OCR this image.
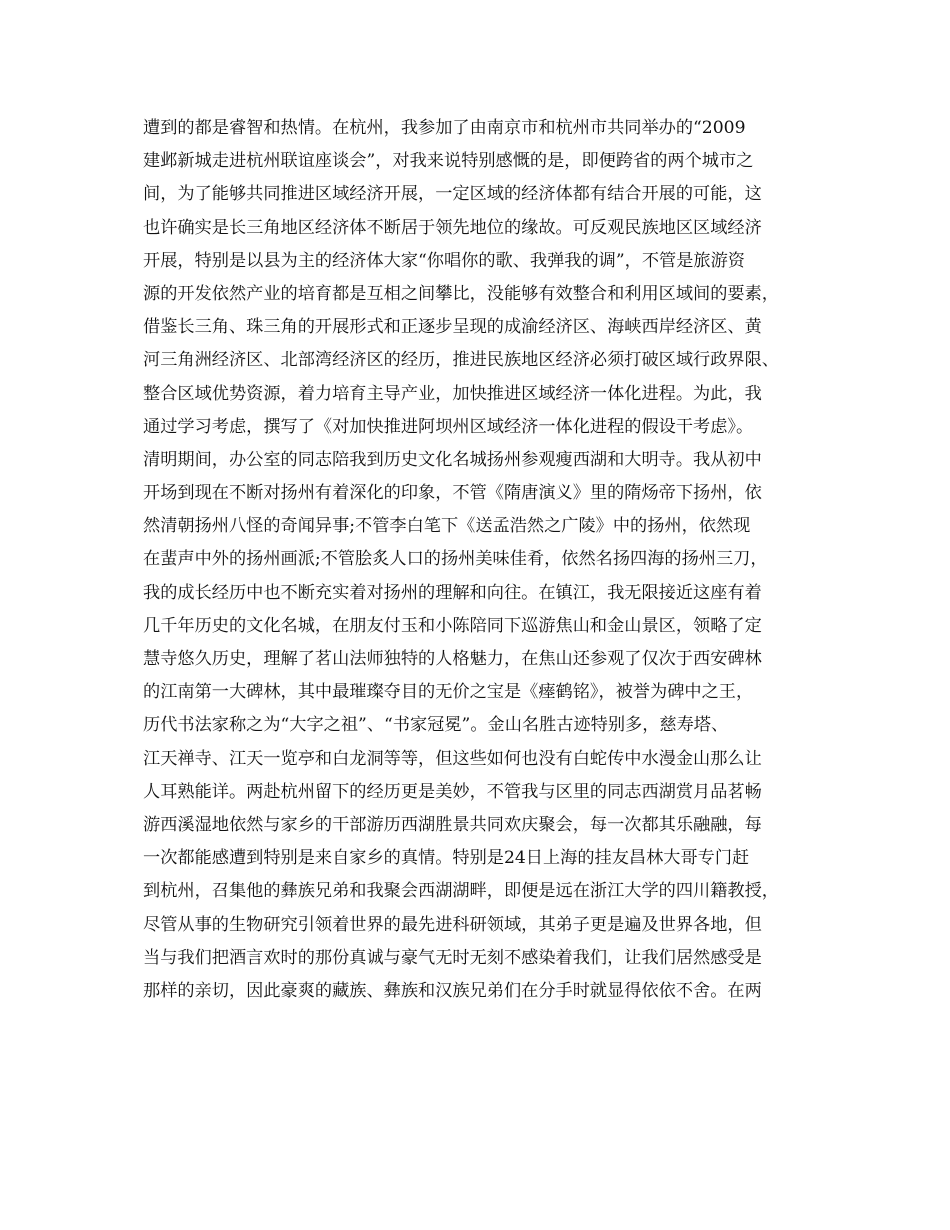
遭到的都是睿智和热情。在杭州，我参加了由南京市和杭州市共同举办的“2009
建邺新城走进杭州联谊座谈会”，对我来说特别感慨的是，即便跨省的两个城市之
间，为了能够共同推进区域经济开展，一定区域的经济体都有结合开展的可能，这
也许确实是长三角地区经济体不断居于领先地位的缘故。可反观民族地区区域经济
开展，特别是以县为主的经济体大家“你唱你的歌、我弹我的调”，不管是旅游资
源的开发依然产业的培育都是互相之间攀比，没能够有效整合和利用区域间的要素，
借鉴长三角、珠三角的开展形式和正逐步呈现的成渝经济区、海峡西岸经济区、黄
河三角洲经济区、北部湾经济区的经历，推进民族地区经济必须打破区域行政界限、
整合区域优势资源，着力培育主导产业，加快推进区域经济一体化进程。为此，我
通过学习考虑，撰写了《对加快推进阿坝州区域经济一体化进程的假设干考虑》。
清明期间，办公室的同志陪我到历史文化名城扬州参观瘦西湖和大明寺。我从初中
开场到现在不断对扬州有着深化的印象，不管《隋唐演义》里的隋炀帝下扬州，依
然清朝扬州八怪的奇闻异事;不管李白笔下《送孟浩然之广陵》中的扬州，依然现
在蜚声中外的扬州画派;不管脍炙人口的扬州美味佳肴，依然名扬四海的扬州三刀，
我的成长经历中也不断充实着对扬州的理解和向往。在镇江，我无限接近这座有着
几千年历史的文化名城，在朋友付玉和小陈陪同下巡游焦山和金山景区，领略了定
慧寺悠久历史，理解了茗山法师独特的人格魅力，在焦山还参观了仅次于西安碑林
的江南第一大碑林，其中最璀璨夺目的无价之宝是《瘗鹤铭》，被誉为碑中之王，
历代书法家称之为“大字之祖”、“书家冠冕”。金山名胜古迹特别多，慈寿塔、
江天禅寺、江天一览亭和白龙洞等等，但这些如何也没有白蛇传中水漫金山那么让
人耳熟能详。两赴杭州留下的经历更是美妙，不管我与区里的同志西湖赏月品茗畅
游西溪湿地依然与家乡的干部游历西湖胜景共同欢庆聚会，每一次都其乐融融，每
一次都能感遭到特别是来自家乡的真情。特别是24日上海的挂友昌林大哥专门赶
到杭州，召集他的彝族兄弟和我聚会西湖湖畔，即便是远在浙江大学的四川籍教授，
尽管从事的生物研究引领着世界的最先进科研领域，其弟子更是遍及世界各地，但
当与我们把酒言欢时的那份真诚与豪气无时无刻不感染着我们，让我们居然感受是
那样的亲切，因此豪爽的藏族、彝族和汉族兄弟们在分手时就显得依依不舍。在两
